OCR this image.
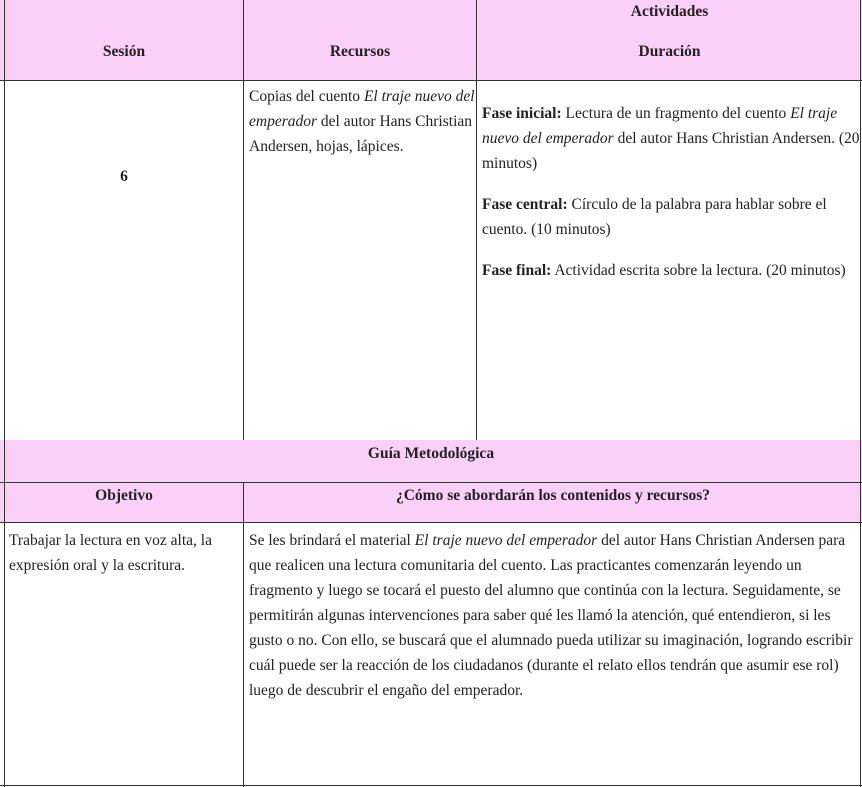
Sesión	Recursos
Actividades
Duración
6
Copias del cuento El traje nuevo del emperador del autor Hans Christian Andersen, hojas, lápices.
Fase inicial: Lectura de un fragmento del cuento El traje nuevo del emperador del autor Hans Christian Andersen. (20 minutos)
Fase central: Círculo de la palabra para hablar sobre el cuento. (10 minutos)
Fase final: Actividad escrita sobre la lectura. (20 minutos)
Guía Metodológica
Objetivo	¿Cómo se abordarán los contenidos y recursos?
Trabajar la lectura en voz alta, la expresión oral y la escritura.
Se les brindará el material El traje nuevo del emperador del autor Hans Christian Andersen para que realicen una lectura comunitaria del cuento. Las practicantes comenzarán leyendo un fragmento y luego se tocará el puesto del alumno que continúa con la lectura. Seguidamente, se permitirán algunas intervenciones para saber qué les llamó la atención, qué entendieron, si les gusto o no. Con ello, se buscará que el alumnado pueda utilizar su imaginación, logrando escribir cuál puede ser la reacción de los ciudadanos (durante el relato ellos tendrán que asumir ese rol) luego de descubrir el engaño del emperador.
